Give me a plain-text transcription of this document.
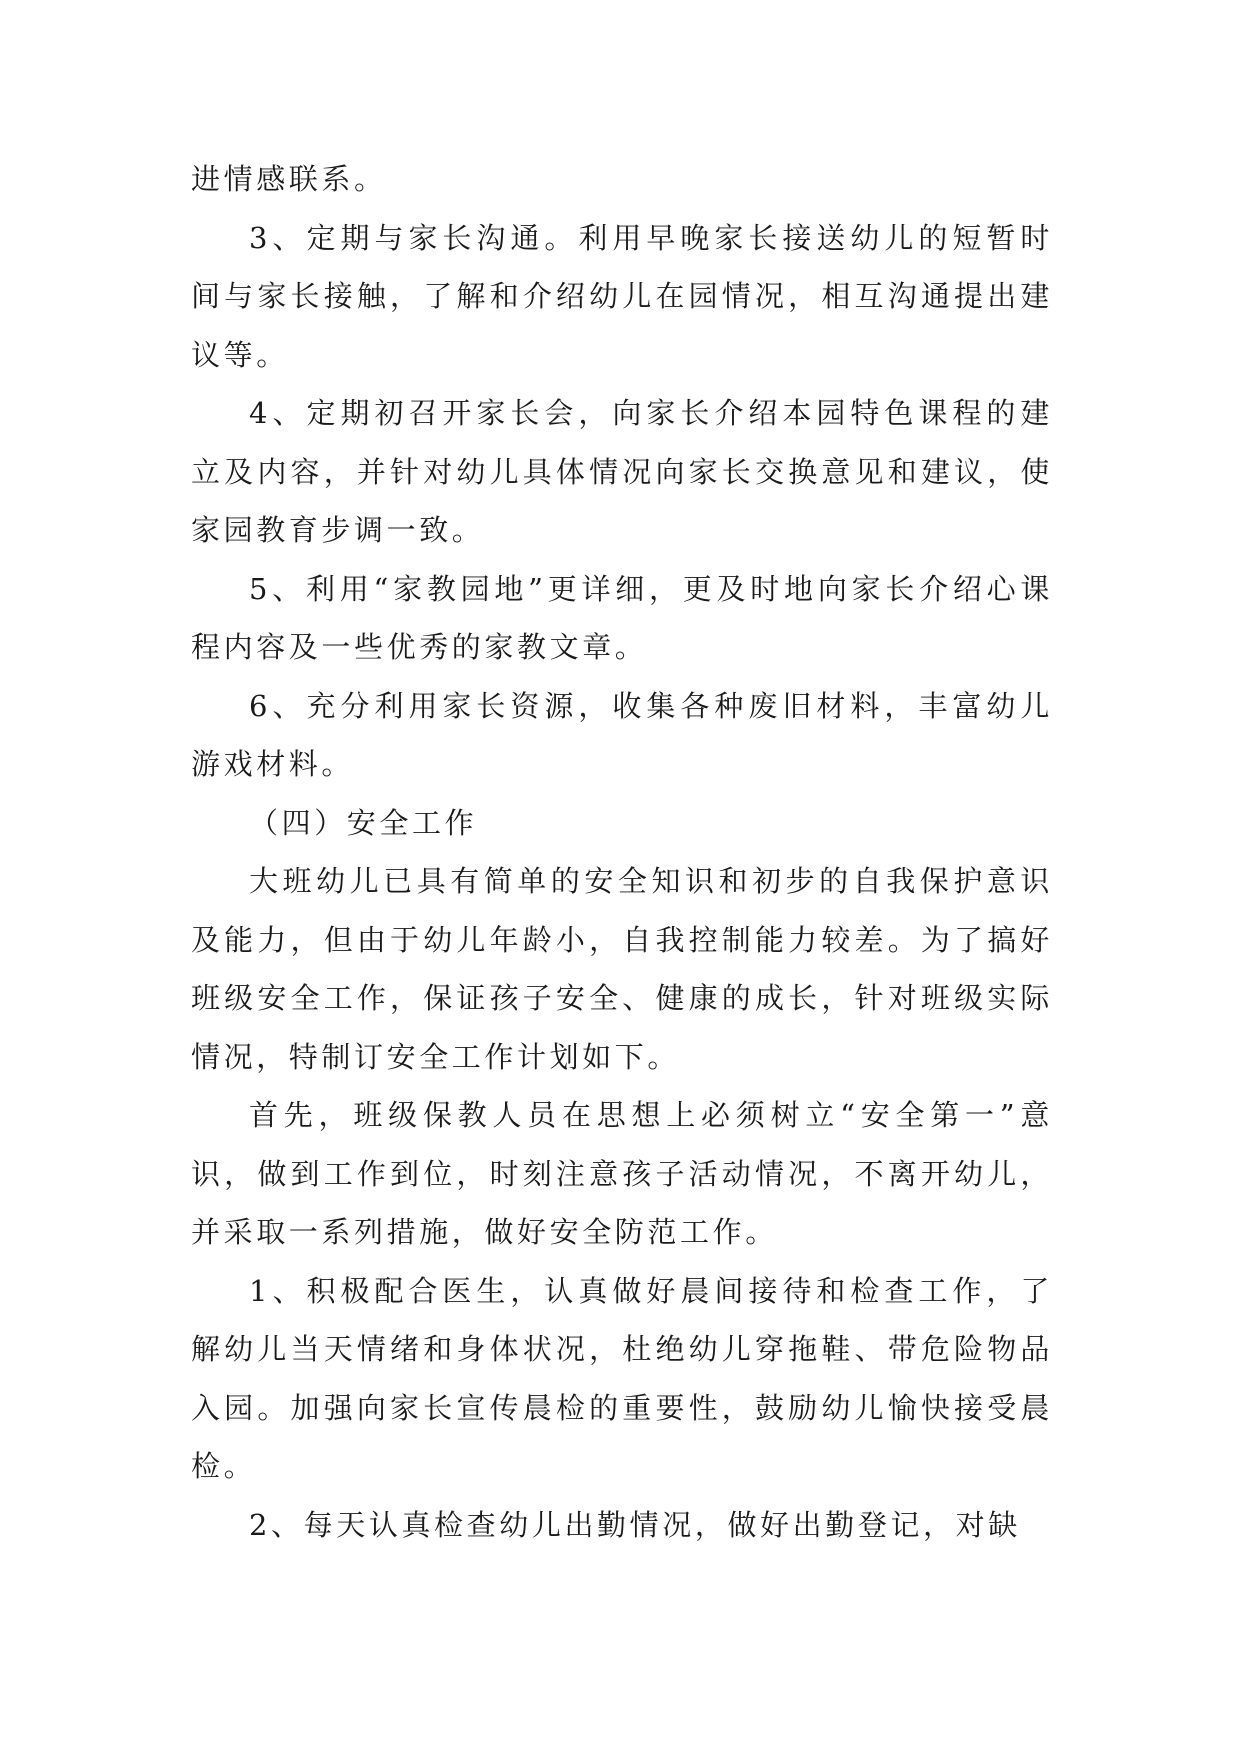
进情感联系。

3、定期与家长沟通。利用早晚家长接送幼儿的短暂时间与家长接触，了解和介绍幼儿在园情况，相互沟通提出建议等。

4、定期初召开家长会，向家长介绍本园特色课程的建立及内容，并针对幼儿具体情况向家长交换意见和建议，使家园教育步调一致。

5、利用“家教园地”更详细，更及时地向家长介绍心课程内容及一些优秀的家教文章。

6、充分利用家长资源，收集各种废旧材料，丰富幼儿游戏材料。

（四）安全工作

大班幼儿已具有简单的安全知识和初步的自我保护意识及能力，但由于幼儿年龄小，自我控制能力较差。为了搞好班级安全工作，保证孩子安全、健康的成长，针对班级实际情况，特制订安全工作计划如下。

首先，班级保教人员在思想上必须树立“安全第一”意识，做到工作到位，时刻注意孩子活动情况，不离开幼儿，并采取一系列措施，做好安全防范工作。

1、积极配合医生，认真做好晨间接待和检查工作，了解幼儿当天情绪和身体状况，杜绝幼儿穿拖鞋、带危险物品入园。加强向家长宣传晨检的重要性，鼓励幼儿愉快接受晨检。

2、每天认真检查幼儿出勤情况，做好出勤登记，对缺
